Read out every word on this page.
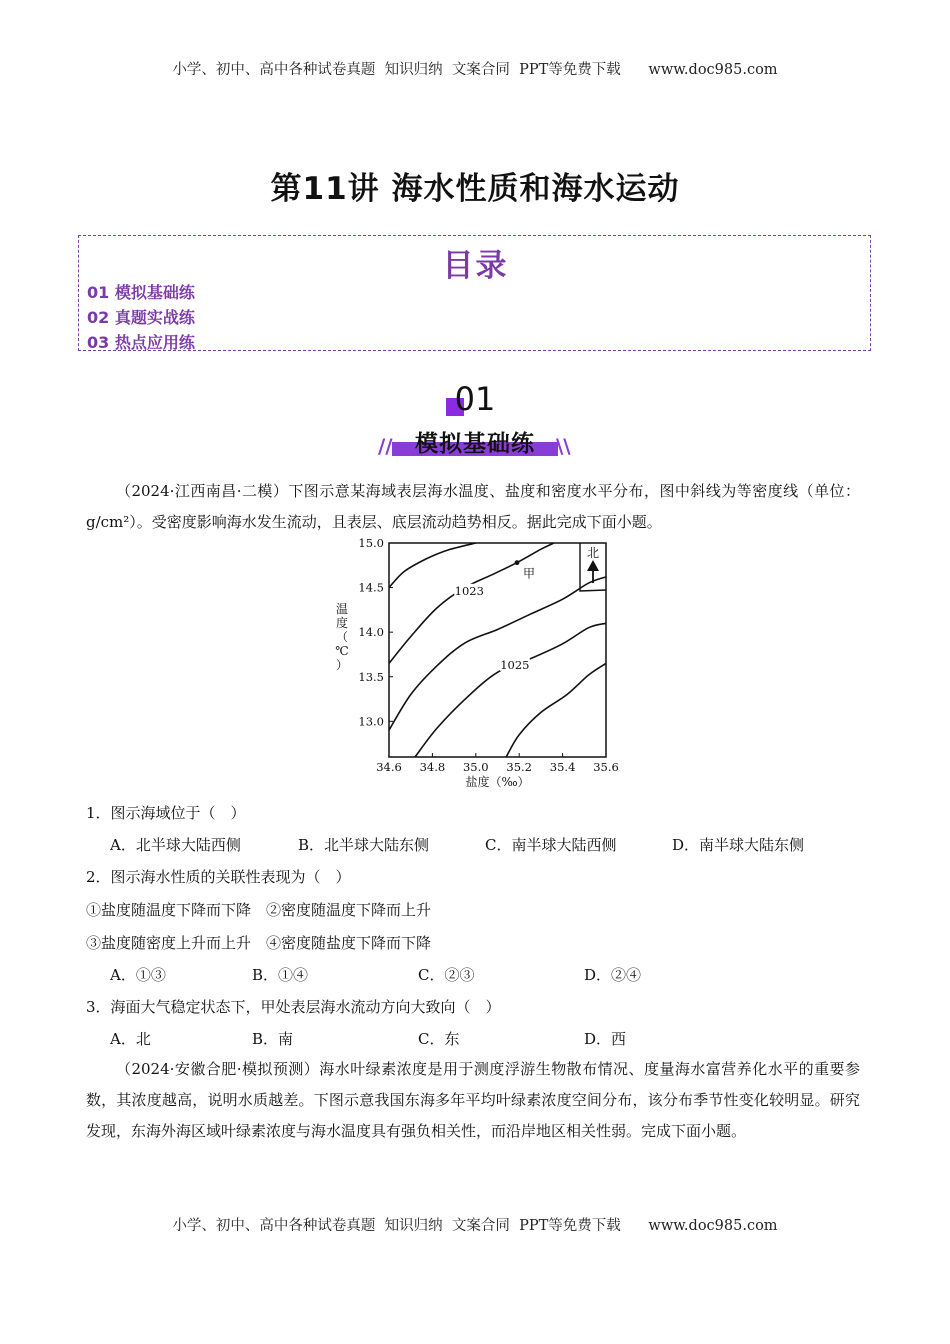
小学、初中、高中各种试卷真题  知识归纳  文案合同  PPT等免费下载      www.doc985.com
第11讲 海水性质和海水运动
目录
01 模拟基础练
02 真题实战练
03 热点应用练
01
模拟基础练
//	\\
（2024·江西南昌·二模）下图示意某海域表层海水温度、盐度和密度水平分布，图中斜线为等密度线（单位：g/cm²）。受密度影响海水发生流动，且表层、底层流动趋势相反。据此完成下面小题。
34.6 34.8 35.0 35.2 35.4 35.6
13.0
13.5
14.0
14.5
15.0
盐度（‰）
温
度
（
℃
）
1023
1025
甲
北
1．图示海域位于（　）
A．北半球大陆西侧	B．北半球大陆东侧	C．南半球大陆西侧	D．南半球大陆东侧
2．图示海水性质的关联性表现为（　）
①盐度随温度下降而下降　②密度随温度下降而上升
③盐度随密度上升而上升　④密度随盐度下降而下降
A．①③	B．①④	C．②③	D．②④
3．海面大气稳定状态下，甲处表层海水流动方向大致向（　）
A．北	B．南	C．东	D．西
（2024·安徽合肥·模拟预测）海水叶绿素浓度是用于测度浮游生物散布情况、度量海水富营养化水平的重要参数，其浓度越高，说明水质越差。下图示意我国东海多年平均叶绿素浓度空间分布，该分布季节性变化较明显。研究发现，东海外海区域叶绿素浓度与海水温度具有强负相关性，而沿岸地区相关性弱。完成下面小题。
小学、初中、高中各种试卷真题  知识归纳  文案合同  PPT等免费下载      www.doc985.com
